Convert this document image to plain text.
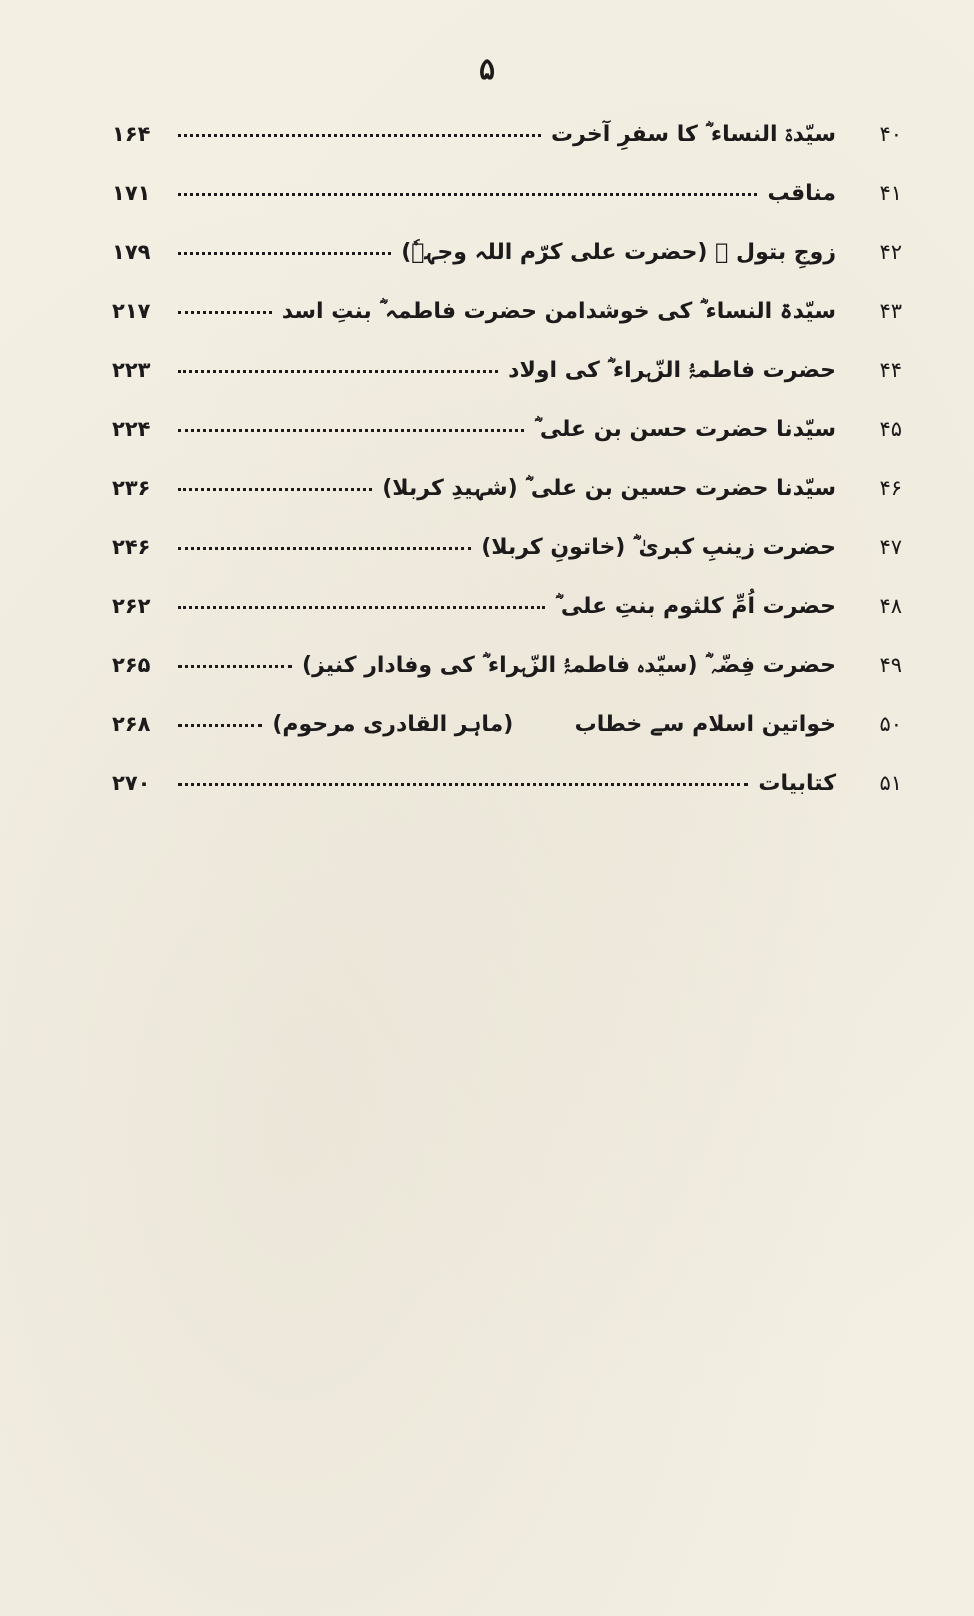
۵
۴۰
سیّدۃ النساء ؓ کا سفرِ آخرت
۱۶۴
۴۱
مناقب
۱۷۱
۴۲
زوجِ بتول ؓ (حضرت علی کرّم اللہ وجہہٗ)
۱۷۹
۴۳
سیّدۃ النساء ؓ کی خوشدامن حضرت فاطمہ ؓ بنتِ اسد
۲۱۷
۴۴
حضرت فاطمۃُ الزّہراء ؓ کی اولاد
۲۲۳
۴۵
سیّدنا حضرت حسن بن علی ؓ
۲۲۴
۴۶
سیّدنا حضرت حسین بن علی ؓ (شہیدِ کربلا)
۲۳۶
۴۷
حضرت زینبِ کبریٰ ؓ (خاتونِ کربلا)
۲۴۶
۴۸
حضرت اُمِّ کلثوم بنتِ علی ؓ
۲۶۲
۴۹
حضرت فِضّہ ؓ (سیّدہ فاطمۃُ الزّہراء ؓ کی وفادار کنیز)
۲۶۵
۵۰
خواتین اسلام سے خطاب        (ماہر القادری مرحوم)
۲۶۸
۵۱
کتابیات
۲۷۰
